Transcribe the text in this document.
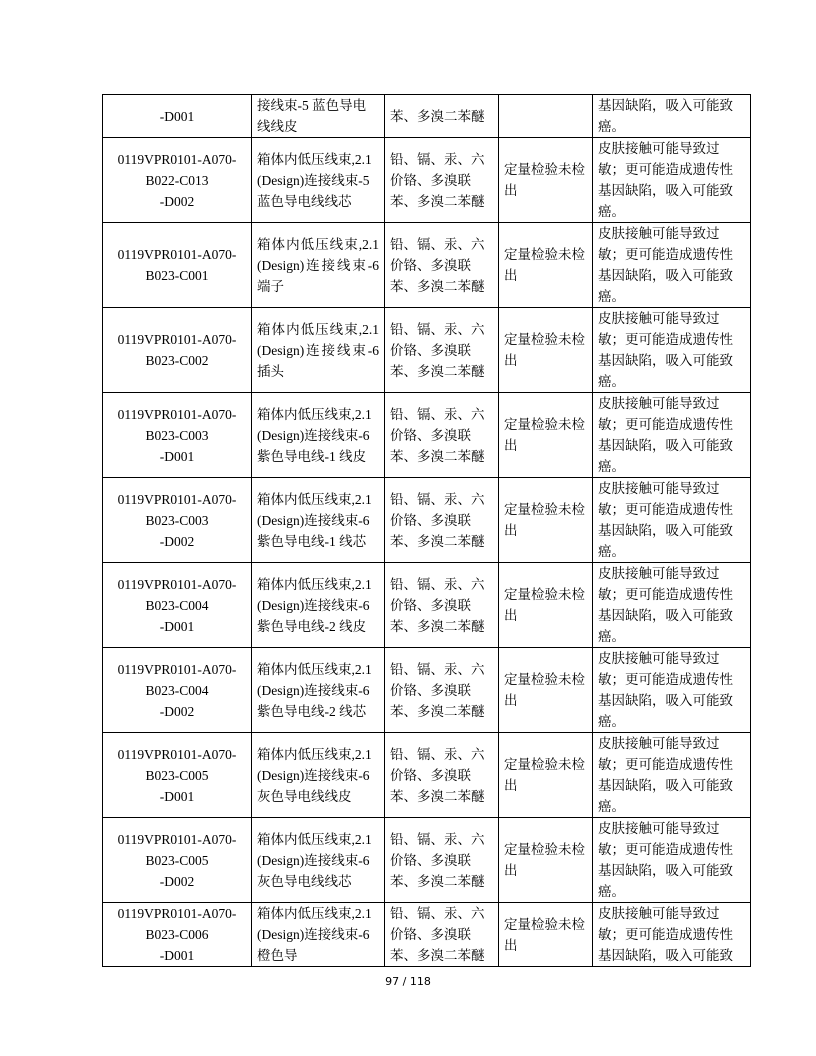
-D001	接线束-5 蓝色导电线线皮	苯、多溴二苯醚		基因缺陷，吸入可能致癌。

0119VPR0101-A070-
B022-C013
-D002	箱体内低压线束,2.1 (Design)连接线束-5 蓝色导电线线芯	铅、镉、汞、六价铬、多溴联苯、多溴二苯醚	定量检验未检出	皮肤接触可能导致过敏；更可能造成遗传性基因缺陷，吸入可能致癌。

0119VPR0101-A070-
B023-C001	箱体内低压线束,2.1 (Design)连接线束-6 端子	铅、镉、汞、六价铬、多溴联苯、多溴二苯醚	定量检验未检出	皮肤接触可能导致过敏；更可能造成遗传性基因缺陷，吸入可能致癌。

0119VPR0101-A070-
B023-C002	箱体内低压线束,2.1 (Design)连接线束-6 插头	铅、镉、汞、六价铬、多溴联苯、多溴二苯醚	定量检验未检出	皮肤接触可能导致过敏；更可能造成遗传性基因缺陷，吸入可能致癌。

0119VPR0101-A070-
B023-C003
-D001	箱体内低压线束,2.1 (Design)连接线束-6 紫色导电线-1 线皮	铅、镉、汞、六价铬、多溴联苯、多溴二苯醚	定量检验未检出	皮肤接触可能导致过敏；更可能造成遗传性基因缺陷，吸入可能致癌。

0119VPR0101-A070-
B023-C003
-D002	箱体内低压线束,2.1 (Design)连接线束-6 紫色导电线-1 线芯	铅、镉、汞、六价铬、多溴联苯、多溴二苯醚	定量检验未检出	皮肤接触可能导致过敏；更可能造成遗传性基因缺陷，吸入可能致癌。

0119VPR0101-A070-
B023-C004
-D001	箱体内低压线束,2.1 (Design)连接线束-6 紫色导电线-2 线皮	铅、镉、汞、六价铬、多溴联苯、多溴二苯醚	定量检验未检出	皮肤接触可能导致过敏；更可能造成遗传性基因缺陷，吸入可能致癌。

0119VPR0101-A070-
B023-C004
-D002	箱体内低压线束,2.1 (Design)连接线束-6 紫色导电线-2 线芯	铅、镉、汞、六价铬、多溴联苯、多溴二苯醚	定量检验未检出	皮肤接触可能导致过敏；更可能造成遗传性基因缺陷，吸入可能致癌。

0119VPR0101-A070-
B023-C005
-D001	箱体内低压线束,2.1 (Design)连接线束-6 灰色导电线线皮	铅、镉、汞、六价铬、多溴联苯、多溴二苯醚	定量检验未检出	皮肤接触可能导致过敏；更可能造成遗传性基因缺陷，吸入可能致癌。

0119VPR0101-A070-
B023-C005
-D002	箱体内低压线束,2.1 (Design)连接线束-6 灰色导电线线芯	铅、镉、汞、六价铬、多溴联苯、多溴二苯醚	定量检验未检出	皮肤接触可能导致过敏；更可能造成遗传性基因缺陷，吸入可能致癌。

0119VPR0101-A070-
B023-C006
-D001	箱体内低压线束,2.1 (Design)连接线束-6 橙色导	铅、镉、汞、六价铬、多溴联苯、多溴二苯醚	定量检验未检出	皮肤接触可能导致过敏；更可能造成遗传性基因缺陷，吸入可能致
97 / 118
